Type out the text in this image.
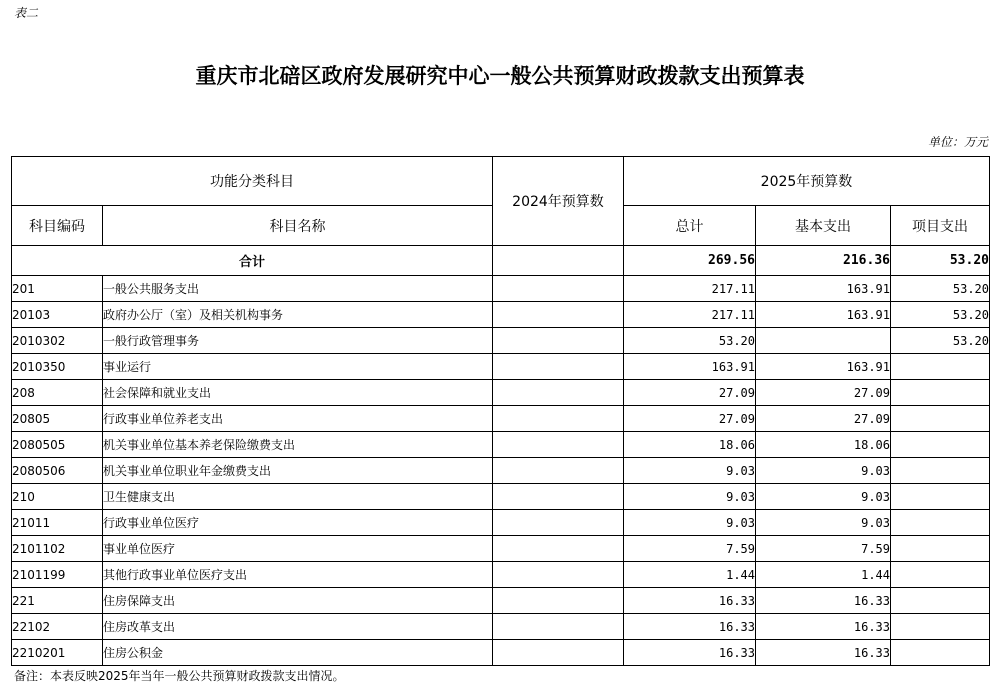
表二
重庆市北碚区政府发展研究中心一般公共预算财政拨款支出预算表
单位：万元
功能分类科目		2024年预算数	2025年预算数		
科目编码	科目名称		总计	基本支出	项目支出
合计			269.56	216.36	53.20
201	一般公共服务支出		217.11	163.91	53.20
20103	政府办公厅（室）及相关机构事务		217.11	163.91	53.20
2010302	一般行政管理事务		53.20		53.20
2010350	事业运行		163.91	163.91	
208	社会保障和就业支出		27.09	27.09	
20805	行政事业单位养老支出		27.09	27.09	
2080505	机关事业单位基本养老保险缴费支出		18.06	18.06	
2080506	机关事业单位职业年金缴费支出		9.03	9.03	
210	卫生健康支出		9.03	9.03	
21011	行政事业单位医疗		9.03	9.03	
2101102	事业单位医疗		7.59	7.59	
2101199	其他行政事业单位医疗支出		1.44	1.44	
221	住房保障支出		16.33	16.33	
22102	住房改革支出		16.33	16.33	
2210201	住房公积金		16.33	16.33	
备注：本表反映2025年当年一般公共预算财政拨款支出情况。
